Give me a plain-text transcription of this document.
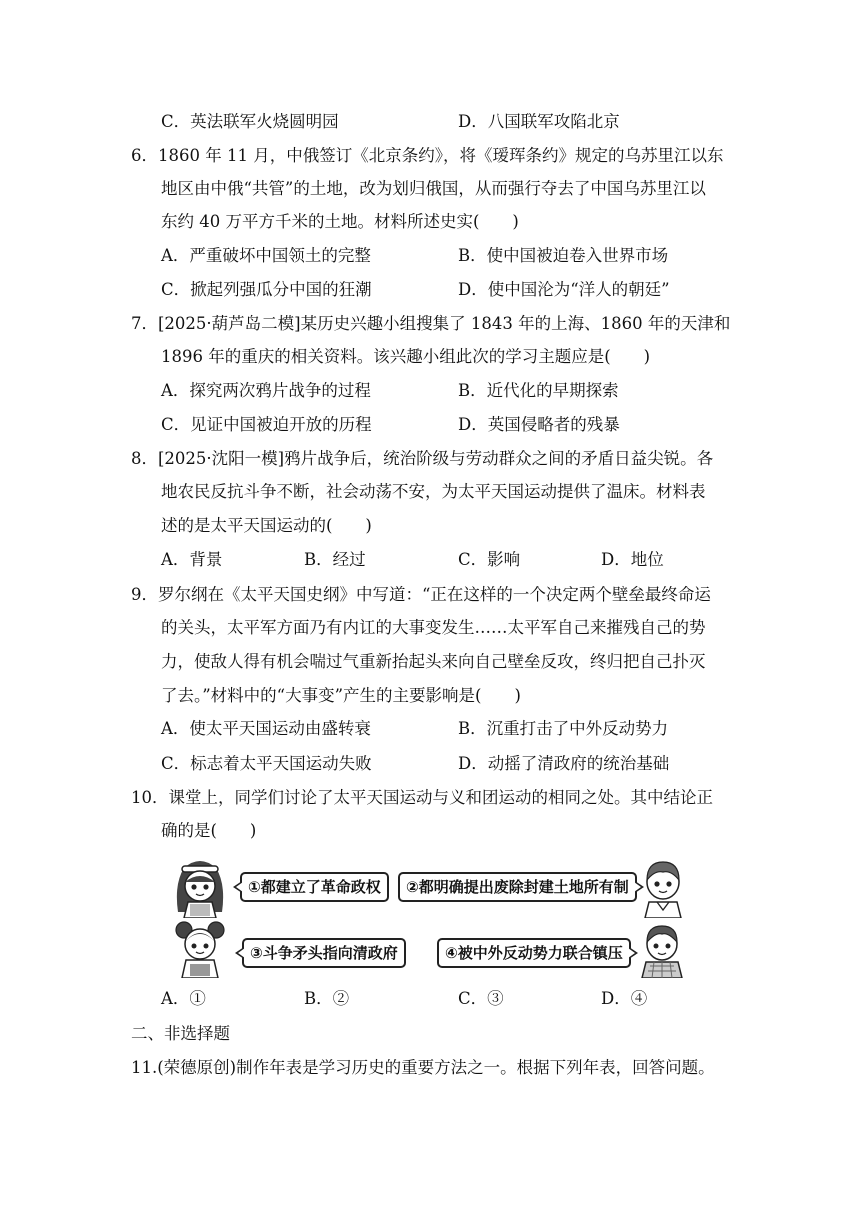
C．英法联军火烧圆明园	D．八国联军攻陷北京
6．1860 年 11 月，中俄签订《北京条约》，将《瑷珲条约》规定的乌苏里江以东
地区由中俄“共管”的土地，改为划归俄国，从而强行夺去了中国乌苏里江以
东约 40 万平方千米的土地。材料所述史实(　　)
A．严重破坏中国领土的完整	B．使中国被迫卷入世界市场
C．掀起列强瓜分中国的狂潮	D．使中国沦为“洋人的朝廷”
7．[2025·葫芦岛二模]某历史兴趣小组搜集了 1843 年的上海、1860 年的天津和
1896 年的重庆的相关资料。该兴趣小组此次的学习主题应是(　　)
A．探究两次鸦片战争的过程	B．近代化的早期探索
C．见证中国被迫开放的历程	D．英国侵略者的残暴
8．[2025·沈阳一模]鸦片战争后，统治阶级与劳动群众之间的矛盾日益尖锐。各
地农民反抗斗争不断，社会动荡不安，为太平天国运动提供了温床。材料表
述的是太平天国运动的(　　)
A．背景	B．经过	C．影响	D．地位
9．罗尔纲在《太平天国史纲》中写道：“正在这样的一个决定两个壁垒最终命运
的关头，太平军方面乃有内讧的大事变发生……太平军自己来摧残自己的势
力，使敌人得有机会喘过气重新抬起头来向自己壁垒反攻，终归把自己扑灭
了去。”材料中的“大事变”产生的主要影响是(　　)
A．使太平天国运动由盛转衰	B．沉重打击了中外反动势力
C．标志着太平天国运动失败	D．动摇了清政府的统治基础
10．课堂上，同学们讨论了太平天国运动与义和团运动的相同之处。其中结论正
确的是(　　)
①都建立了革命政权	②都明确提出废除封建土地所有制
③斗争矛头指向清政府	④被中外反动势力联合镇压
A．①	B．②	C．③	D．④
二、非选择题
11.(荣德原创)制作年表是学习历史的重要方法之一。根据下列年表，回答问题。
